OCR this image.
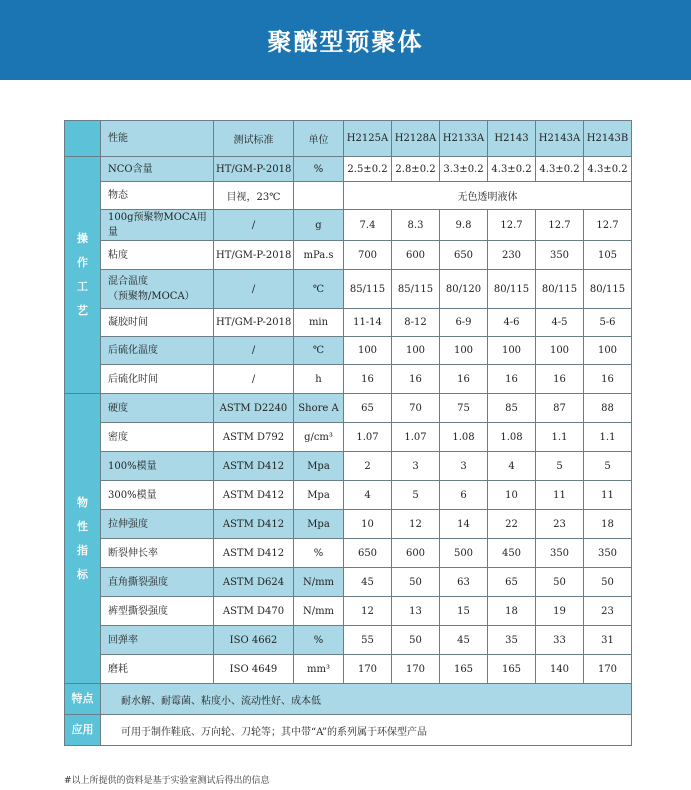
聚醚型预聚体
	性能	测试标准	单位	H2125A	H2128A	H2133A	H2143	H2143A	H2143B

操
作
工
艺	NCO含量	HT/GM-P-2018	%	2.5±0.2	2.8±0.2	3.3±0.2	4.3±0.2	4.3±0.2	4.3±0.2

	物态	目视，23℃		无色透明液体					

	100g预聚物MOCA用量	/	g	7.4	8.3	9.8	12.7	12.7	12.7

	粘度	HT/GM-P-2018	mPa.s	700	600	650	230	350	105

	混合温度
（预聚物/MOCA）	/	℃	85/115	85/115	80/120	80/115	80/115	80/115

	凝胶时间	HT/GM-P-2018	min	11-14	8-12	6-9	4-6	4-5	5-6

	后硫化温度	/	℃	100	100	100	100	100	100

	后硫化时间	/	h	16	16	16	16	16	16

物
性
指
标	硬度	ASTM D2240	Shore A	65	70	75	85	87	88

	密度	ASTM D792	g/cm³	1.07	1.07	1.08	1.08	1.1	1.1

	100%模量	ASTM D412	Mpa	2	3	3	4	5	5

	300%模量	ASTM D412	Mpa	4	5	6	10	11	11

	拉伸强度	ASTM D412	Mpa	10	12	14	22	23	18

	断裂伸长率	ASTM D412	%	650	600	500	450	350	350

	直角撕裂强度	ASTM D624	N/mm	45	50	63	65	50	50

	裤型撕裂强度	ASTM D470	N/mm	12	13	15	18	19	23

	回弹率	ISO 4662	%	55	50	45	35	33	31

	磨耗	ISO 4649	mm³	170	170	165	165	140	170
特点	耐水解、耐霉菌、粘度小、流动性好、成本低								
应用	可用于制作鞋底、万向轮、刀轮等；其中带“A”的系列属于环保型产品								
#以上所提供的资料是基于实验室测试后得出的信息
